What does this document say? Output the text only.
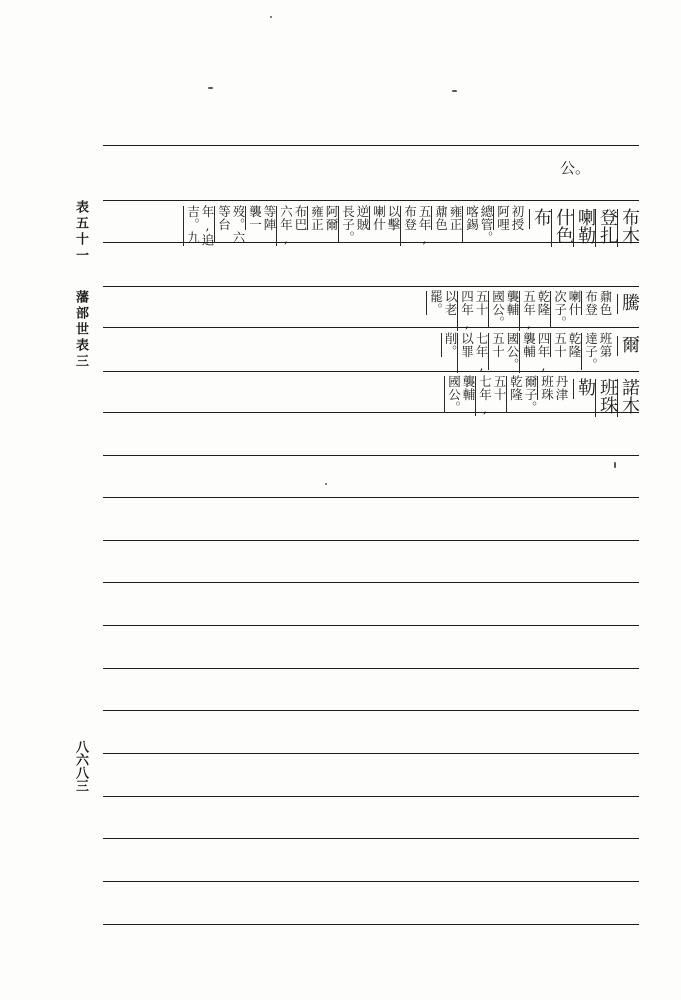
公。
表五十一
藩部世表三
八六八三
布木
登扎
喇勒
什色
布
初授
阿哩
總管。
喀錫
雍正
鼐色
五年,
布登
以擊
喇什
逆賊
長子。
阿爾
雍正
布巴
六年,
等陣
襲一
歿。六
等台
年,追
吉。九
騰
鼐色
布登
喇什
次子。
乾隆
五年,
襲輔
國公。
五十
四年,
以老
罷。
爾
班第
達子。
乾隆
五十
四年,
襲輔
國公。
五十
七年,
以罪
削。
諾木
班珠
勒
丹津
班珠
爾子。
乾隆
五十
七年,
襲輔
國公。
